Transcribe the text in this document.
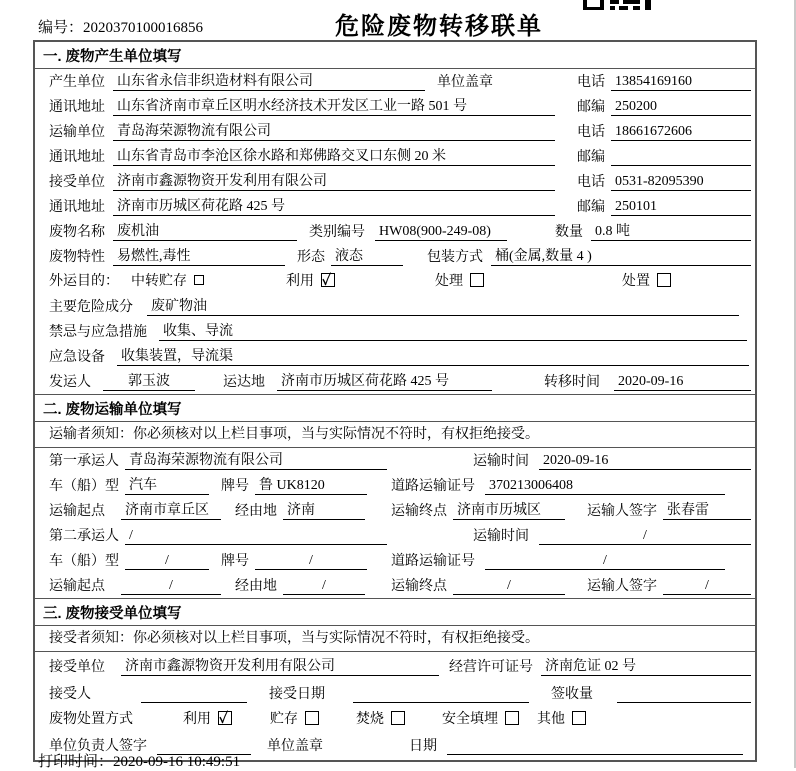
编号：2020370100016856	危险废物转移联单
一. 废物产生单位填写
产生单位 山东省永信非织造材料有限公司	单位盖章	电话 13854169160
通讯地址 山东省济南市章丘区明水经济技术开发区工业一路 501 号	邮编 250200
运输单位 青岛海荣源物流有限公司	电话 18661672606
通讯地址 山东省青岛市李沧区徐水路和郑佛路交叉口东侧 20 米	邮编
接受单位 济南市鑫源物资开发利用有限公司	电话 0531-82095390
通讯地址 济南市历城区荷花路 425 号	邮编 250101
废物名称 废机油	类别编号 HW08(900-249-08)	数量 0.8 吨
废物特性 易燃性,毒性	形态 液态	包装方式 桶(金属,数量 4 )
外运目的： 中转贮存	利用 ✓	处理	处置
主要危险成分 废矿物油
禁忌与应急措施 收集、导流
应急设备 收集装置，导流渠
发运人	郭玉波	运达地 济南市历城区荷花路 425 号	转移时间 2020-09-16
二. 废物运输单位填写
运输者须知：你必须核对以上栏目事项，当与实际情况不符时，有权拒绝接受。
第一承运人 青岛海荣源物流有限公司	运输时间 2020-09-16
车（船）型 汽车	牌号 鲁 UK8120	道路运输证号 370213006408
运输起点 济南市章丘区	经由地 济南	运输终点 济南市历城区	运输人签字 张春雷
第二承运人 /	运输时间	/
车（船）型	/	牌号	/	道路运输证号	/
运输起点	/	经由地	/	运输终点	/	运输人签字	/
三. 废物接受单位填写
接受者须知：你必须核对以上栏目事项，当与实际情况不符时，有权拒绝接受。
接受单位	济南市鑫源物资开发利用有限公司	经营许可证号 济南危证 02 号
接受人	接受日期	签收量
废物处置方式	利用 ✓	贮存	焚烧	安全填埋	其他
单位负责人签字	单位盖章	日期
打印时间：2020-09-16 10:49:51
